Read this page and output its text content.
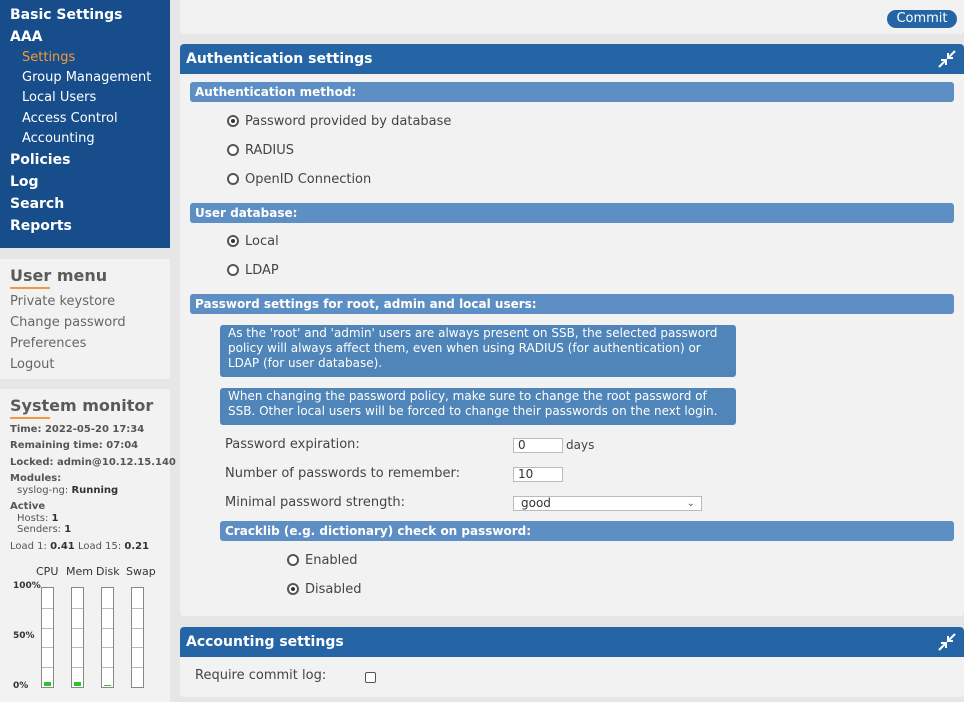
Basic Settings
AAA
Settings
Group Management
Local Users
Access Control
Accounting
Policies
Log
Search
Reports
User menu
Private keystore
Change password
Preferences
Logout
System monitor
Time: 2022-05-20 17:34
Remaining time: 07:04
Locked: admin@10.12.15.140
Modules:
syslog-ng: Running
Active
Hosts: 1
Senders: 1
Load 1: 0.41 Load 15: 0.21
CPU Mem Disk Swap
100%
50%
0%
Commit
Authentication settings
Authentication method:
Password provided by database
RADIUS
OpenID Connection
User database:
Local
LDAP
Password settings for root, admin and local users:
As the 'root' and 'admin' users are always present on SSB, the selected password policy will always affect them, even when using RADIUS (for authentication) or LDAP (for user database).
When changing the password policy, make sure to change the root password of SSB. Other local users will be forced to change their passwords on the next login.
Password expiration:	0	days
Number of passwords to remember:	10
Minimal password strength:	good	⌄
Cracklib (e.g. dictionary) check on password:
Enabled
Disabled
Accounting settings
Require commit log:
